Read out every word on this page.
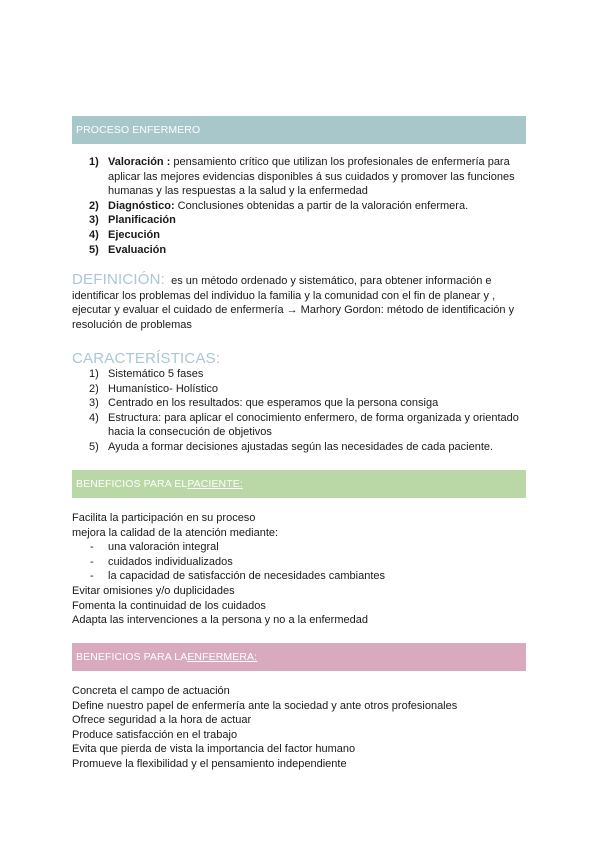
PROCESO ENFERMERO
1) Valoración : pensamiento crítico que utilizan los profesionales de enfermería para aplicar las mejores evidencias disponibles á sus cuidados y promover las funciones humanas y las respuestas a la salud y la enfermedad
2) Diagnóstico: Conclusiones obtenidas a partir de la valoración enfermera.
3) Planificación
4) Ejecución
5) Evaluación
DEFINICIÓN: es un método ordenado y sistemático, para obtener información e identificar los problemas del individuo la familia y la comunidad con el fin de planear y , ejecutar y evaluar el cuidado de enfermería → Marhory Gordon: método de identificación y resolución de problemas
CARACTERÍSTICAS:
1) Sistemático 5 fases
2) Humanístico- Holístico
3) Centrado en los resultados: que esperamos que la persona consiga
4) Estructura: para aplicar el conocimiento enfermero, de forma organizada y orientado hacia la consecución de objetivos
5) Ayuda a formar decisiones ajustadas según las necesidades de cada paciente.
BENEFICIOS PARA EL PACIENTE:
Facilita la participación en su proceso
mejora la calidad de la atención mediante:
- una valoración integral
- cuidados individualizados
- la capacidad de satisfacción de necesidades cambiantes
Evitar omisiones y/o duplicidades
Fomenta la continuidad de los cuidados
Adapta las intervenciones a la persona y no a la enfermedad
BENEFICIOS PARA LA ENFERMERA:
Concreta el campo de actuación
Define nuestro papel de enfermería ante la sociedad y ante otros profesionales
Ofrece seguridad a la hora de actuar
Produce satisfacción en el trabajo
Evita que pierda de vista la importancia del factor humano
Promueve la flexibilidad y el pensamiento independiente
